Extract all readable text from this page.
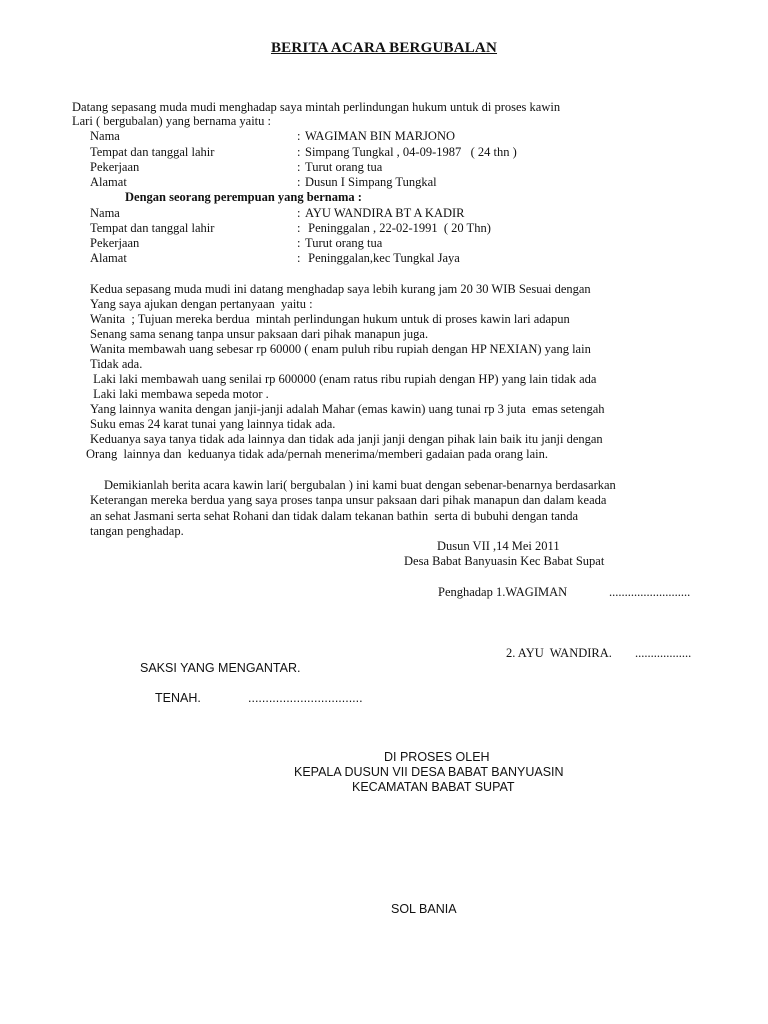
BERITA ACARA BERGUBALAN
Datang sepasang muda mudi menghadap saya mintah perlindungan hukum untuk di proses kawin
Lari ( bergubalan) yang bernama yaitu :
Nama	: WAGIMAN BIN MARJONO
Tempat dan tanggal lahir	: Simpang Tungkal , 04-09-1987   ( 24 thn )
Pekerjaan	: Turut orang tua
Alamat	: Dusun I Simpang Tungkal
Dengan seorang perempuan yang bernama :
Nama	: AYU WANDIRA BT A KADIR
Tempat dan tanggal lahir	: Peninggalan , 22-02-1991  ( 20 Thn)
Pekerjaan	: Turut orang tua
Alamat	: Peninggalan,kec Tungkal Jaya
Kedua sepasang muda mudi ini datang menghadap saya lebih kurang jam 20 30 WIB Sesuai dengan
Yang saya ajukan dengan pertanyaan  yaitu :
Wanita  ; Tujuan mereka berdua  mintah perlindungan hukum untuk di proses kawin lari adapun
Senang sama senang tanpa unsur paksaan dari pihak manapun juga.
Wanita membawah uang sebesar rp 60000 ( enam puluh ribu rupiah dengan HP NEXIAN) yang lain
Tidak ada.
Laki laki membawah uang senilai rp 600000 (enam ratus ribu rupiah dengan HP) yang lain tidak ada
Laki laki membawa sepeda motor .
Yang lainnya wanita dengan janji-janji adalah Mahar (emas kawin) uang tunai rp 3 juta  emas setengah
Suku emas 24 karat tunai yang lainnya tidak ada.
Keduanya saya tanya tidak ada lainnya dan tidak ada janji janji dengan pihak lain baik itu janji dengan
Orang  lainnya dan  keduanya tidak ada/pernah menerima/memberi gadaian pada orang lain.
Demikianlah berita acara kawin lari( bergubalan ) ini kami buat dengan sebenar-benarnya berdasarkan
Keterangan mereka berdua yang saya proses tanpa unsur paksaan dari pihak manapun dan dalam keada
an sehat Jasmani serta sehat Rohani dan tidak dalam tekanan bathin  serta di bubuhi dengan tanda
tangan penghadap.
Dusun VII ,14 Mei 2011
Desa Babat Banyuasin Kec Babat Supat
Penghadap 1.WAGIMAN	..........................
2. AYU  WANDIRA. ..................
SAKSI YANG MENGANTAR.
TENAH.	.................................
DI PROSES OLEH
KEPALA DUSUN VII DESA BABAT BANYUASIN
KECAMATAN BABAT SUPAT
SOL BANIA
